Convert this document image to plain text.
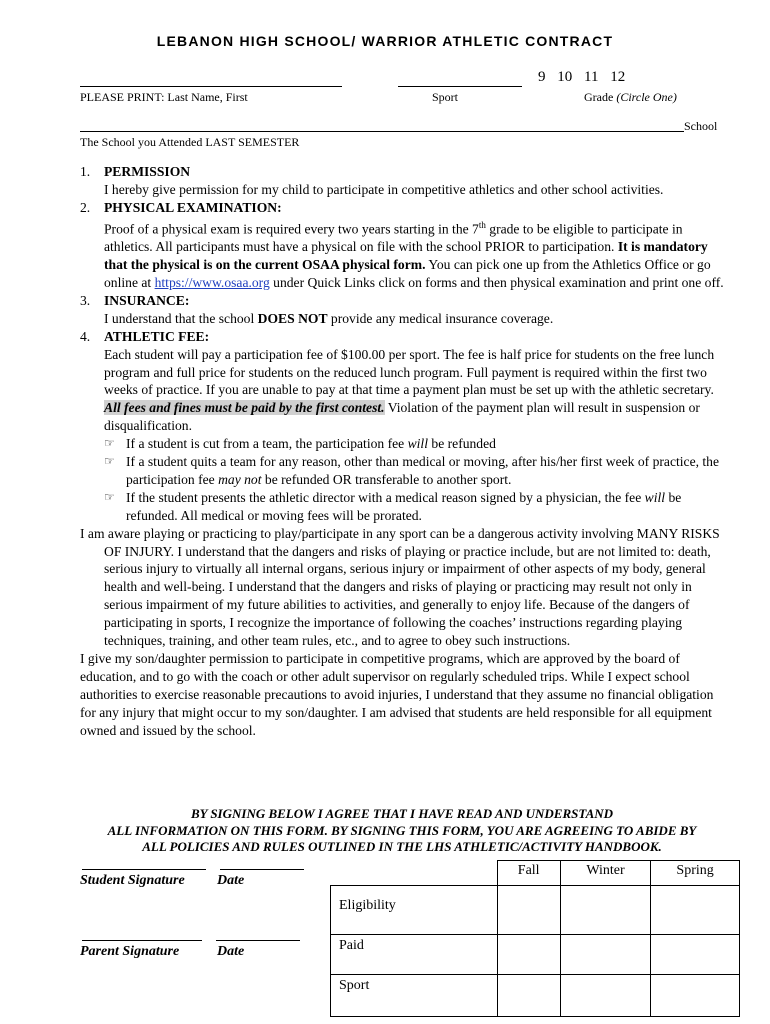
LEBANON HIGH SCHOOL/ WARRIOR ATHLETIC CONTRACT
PLEASE PRINT: Last Name, First	Sport
9 10 11 12
Grade (Circle One)
School
The School you Attended LAST SEMESTER

1. PERMISSION
I hereby give permission for my child to participate in competitive athletics and other school activities.

2. PHYSICAL EXAMINATION:
Proof of a physical exam is required every two years starting in the 7th grade to be eligible to participate in athletics. All participants must have a physical on file with the school PRIOR to participation. It is mandatory that the physical is on the current OSAA physical form. You can pick one up from the Athletics Office or go online at https://www.osaa.org under Quick Links click on forms and then physical examination and print one off.

3. INSURANCE:
I understand that the school DOES NOT provide any medical insurance coverage.

4. ATHLETIC FEE:
Each student will pay a participation fee of $100.00 per sport. The fee is half price for students on the free lunch program and full price for students on the reduced lunch program. Full payment is required within the first two weeks of practice. If you are unable to pay at that time a payment plan must be set up with the athletic secretary. All fees and fines must be paid by the first contest. Violation of the payment plan will result in suspension or disqualification.

☞ If a student is cut from a team, the participation fee will be refunded

☞ If a student quits a team for any reason, other than medical or moving, after his/her first week of practice, the participation fee may not be refunded OR transferable to another sport.

☞ If the student presents the athletic director with a medical reason signed by a physician, the fee will be refunded. All medical or moving fees will be prorated.

I am aware playing or practicing to play/participate in any sport can be a dangerous activity involving MANY RISKS OF INJURY. I understand that the dangers and risks of playing or practice include, but are not limited to: death, serious injury to virtually all internal organs, serious injury or impairment of other aspects of my body, general health and well-being. I understand that the dangers and risks of playing or practicing may result not only in serious impairment of my future abilities to activities, and generally to enjoy life. Because of the dangers of participating in sports, I recognize the importance of following the coaches’ instructions regarding playing techniques, training, and other team rules, etc., and to agree to obey such instructions.

I give my son/daughter permission to participate in competitive programs, which are approved by the board of education, and to go with the coach or other adult supervisor on regularly scheduled trips. While I expect school authorities to exercise reasonable precautions to avoid injuries, I understand that they assume no financial obligation for any injury that might occur to my son/daughter. I am advised that students are held responsible for all equipment owned and issued by the school.

BY SIGNING BELOW I AGREE THAT I HAVE READ AND UNDERSTAND
ALL INFORMATION ON THIS FORM. BY SIGNING THIS FORM, YOU ARE AGREEING TO ABIDE BY
ALL POLICIES AND RULES OUTLINED IN THE LHS ATHLETIC/ACTIVITY HANDBOOK.
Student Signature Date
Parent Signature	Date
	Fall	Winter	Spring
Eligibility			
Paid			
Sport			
